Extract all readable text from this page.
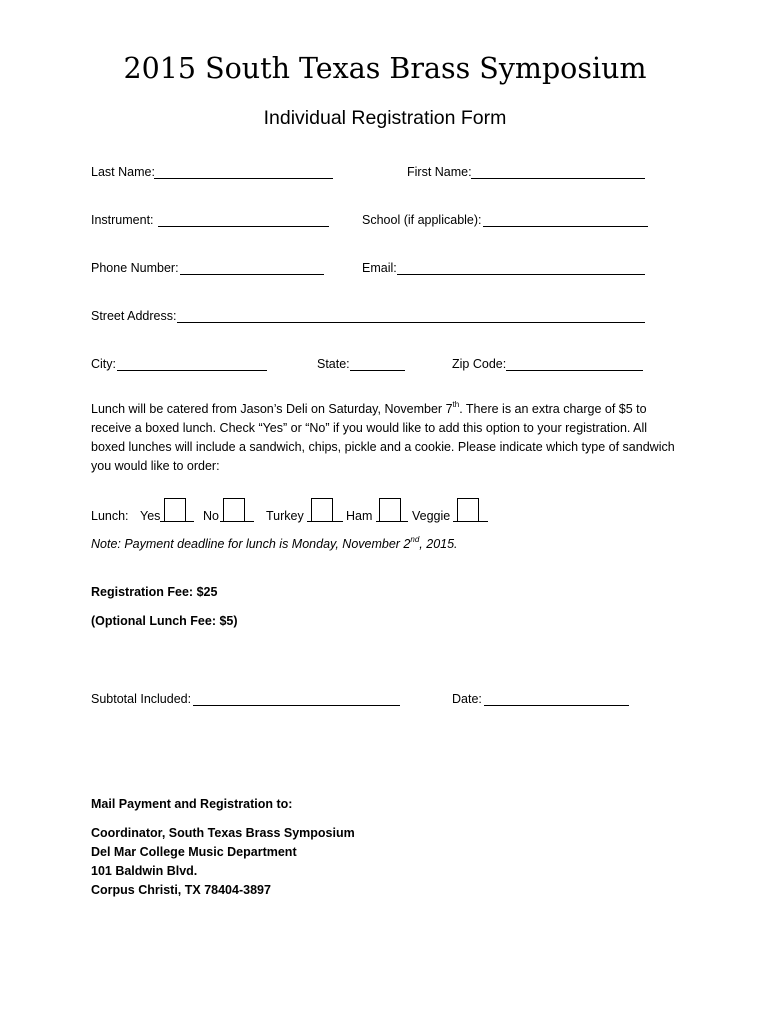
2015 South Texas Brass Symposium
Individual Registration Form
Last Name:	First Name:
Instrument:	School (if applicable):
Phone Number:	Email:
Street Address:
City:	State:	Zip Code:
Lunch will be catered from Jason’s Deli on Saturday, November 7th. There is an extra charge of $5 to receive a boxed lunch. Check “Yes” or “No” if you would like to add this option to your registration. All boxed lunches will include a sandwich, chips, pickle and a cookie. Please indicate which type of sandwich you would like to order:
Lunch: Yes	No	Turkey	Ham	Veggie
Note: Payment deadline for lunch is Monday, November 2nd, 2015.
Registration Fee: $25
(Optional Lunch Fee: $5)
Subtotal Included:	Date:
Mail Payment and Registration to:
Coordinator, South Texas Brass Symposium
Del Mar College Music Department
101 Baldwin Blvd.
Corpus Christi, TX 78404-3897
